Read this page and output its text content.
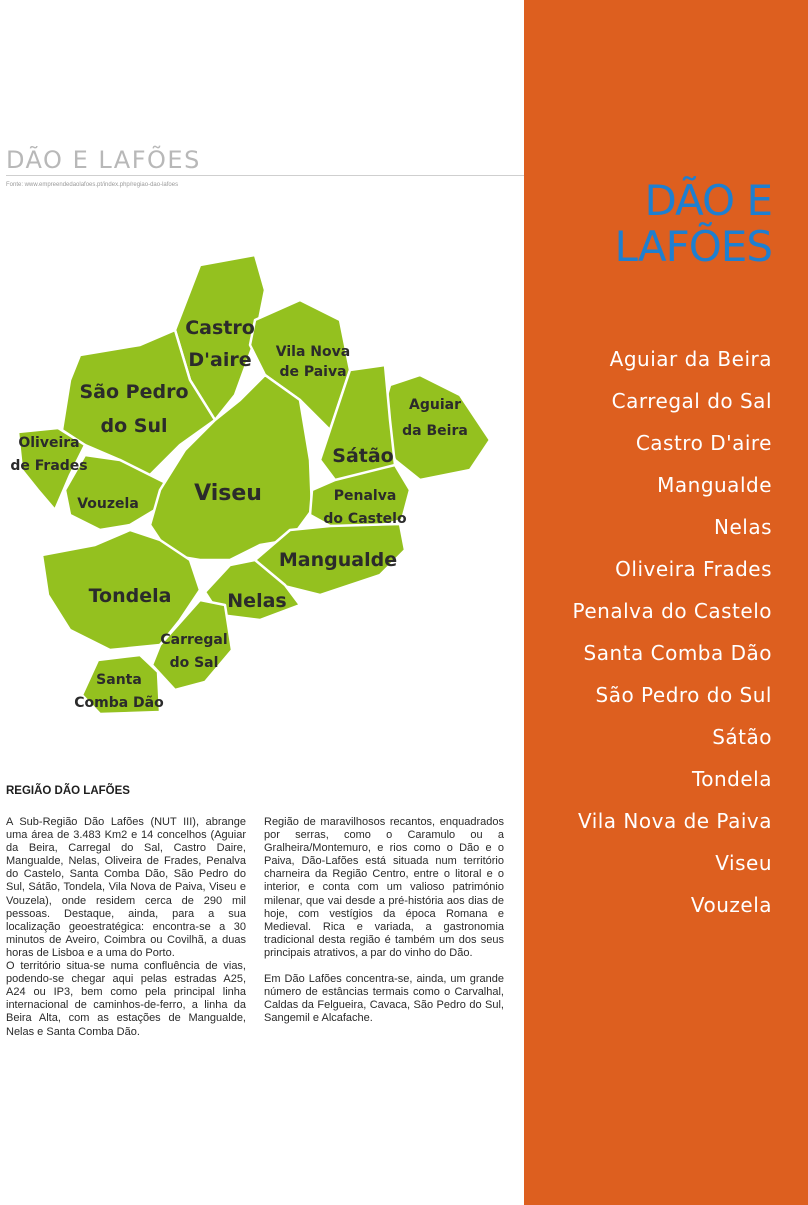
DÃO E LAFÕES
Fonte: www.empreendedaolafoes.pt/index.php/regiao-dao-lafoes
Castro
D'aire Vila Nova
de Paiva
São Pedro
do Sul
Aguiar
da Beira
Oliveira
de Frades	Sátão
Viseu
Vouzela	Penalva
do Castelo
Mangualde
Tondela	Nelas
Carregal
do Sal
Santa
Comba Dão
REGIÃO DÃO LAFÕES

A Sub-Região Dão Lafões (NUT III), abrange uma área de 3.483 Km2 e 14 concelhos (Aguiar da Beira, Carregal do Sal, Castro Daire, Mangualde, Nelas, Oliveira de Frades, Penalva do Castelo, Santa Comba Dão, São Pedro do Sul, Sátão, Tondela, Vila Nova de Paiva, Viseu e Vouzela), onde residem cerca de 290 mil pessoas. Destaque, ainda, para a sua localização geoestratégica: encontra-se a 30 minutos de Aveiro, Coimbra ou Covilhã, a duas horas de Lisboa e a uma do Porto.

O território situa-se numa confluência de vias, podendo-se chegar aqui pelas estradas A25, A24 ou IP3, bem como pela principal linha internacional de caminhos-de-ferro, a linha da Beira Alta, com as estações de Mangualde, Nelas e Santa Comba Dão.

Região de maravilhosos recantos, enquadrados por serras, como o Caramulo ou a Gralheira/Montemuro, e rios como o Dão e o Paiva, Dão-Lafões está situada num território charneira da Região Centro, entre o litoral e o interior, e conta com um valioso património milenar, que vai desde a pré-história aos dias de hoje, com vestígios da época Romana e Medieval. Rica e variada, a gastronomia tradicional desta região é também um dos seus principais atrativos, a par do vinho do Dão.

Em Dão Lafões concentra-se, ainda, um grande número de estâncias termais como o Carvalhal, Caldas da Felgueira, Cavaca, São Pedro do Sul, Sangemil e Alcafache.

DÃO E
LAFÕES
Aguiar da Beira
Carregal do Sal
Castro D'aire
Mangualde
Nelas
Oliveira Frades
Penalva do Castelo
Santa Comba Dão
São Pedro do Sul
Sátão
Tondela
Vila Nova de Paiva
Viseu
Vouzela
